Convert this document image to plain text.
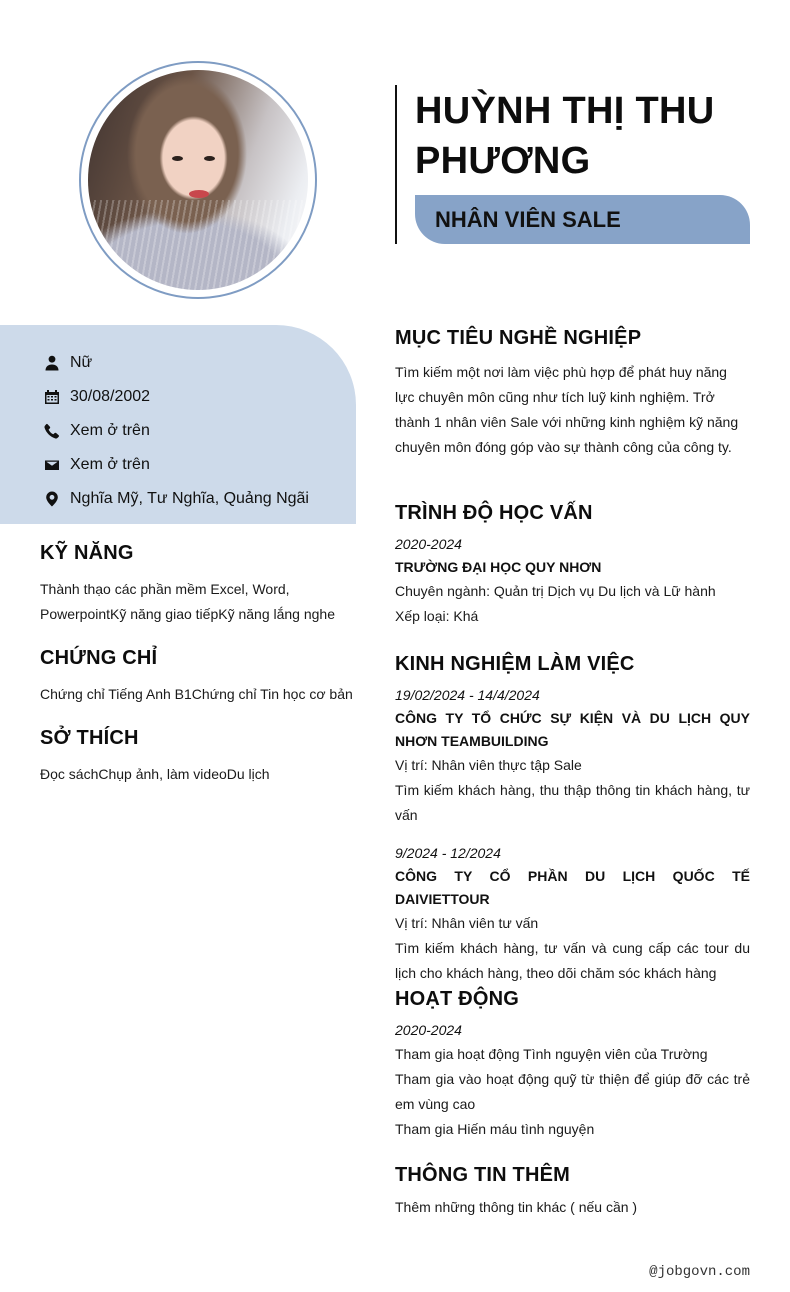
HUỲNH THỊ THU PHƯƠNG
NHÂN VIÊN SALE
Nữ
30/08/2002
Xem ở trên
Xem ở trên
Nghĩa Mỹ, Tư Nghĩa, Quảng Ngãi
KỸ NĂNG

Thành thạo các phần mềm Excel, Word, PowerpointKỹ năng giao tiếpKỹ năng lắng nghe

CHỨNG CHỈ

Chứng chỉ Tiếng Anh B1Chứng chỉ Tin học cơ bản

SỞ THÍCH

Đọc sáchChụp ảnh, làm videoDu lịch

MỤC TIÊU NGHỀ NGHIỆP

Tìm kiếm một nơi làm việc phù hợp để phát huy năng lực chuyên môn cũng như tích luỹ kinh nghiệm. Trở thành 1 nhân viên Sale với những kinh nghiệm kỹ năng chuyên môn đóng góp vào sự thành công của công ty.

TRÌNH ĐỘ HỌC VẤN
2020-2024
TRƯỜNG ĐẠI HỌC QUY NHƠN
Chuyên ngành: Quản trị Dịch vụ Du lịch và Lữ hành
Xếp loại: Khá
KINH NGHIỆM LÀM VIỆC
19/02/2024 - 14/4/2024
CÔNG TY TỔ CHỨC SỰ KIỆN VÀ DU LỊCH QUY NHƠN TEAMBUILDING
Vị trí: Nhân viên thực tập Sale
Tìm kiếm khách hàng, thu thập thông tin khách hàng, tư vấn
9/2024 - 12/2024
CÔNG TY CỔ PHẦN DU LỊCH QUỐC TẾ DAIVIETTOUR
Vị trí: Nhân viên tư vấn
Tìm kiếm khách hàng, tư vấn và cung cấp các tour du lịch cho khách hàng, theo dõi chăm sóc khách hàng
HOẠT ĐỘNG
2020-2024
Tham gia hoạt động Tình nguyện viên của Trường
Tham gia vào hoạt động quỹ từ thiện để giúp đỡ các trẻ em vùng cao
Tham gia Hiến máu tình nguyện
THÔNG TIN THÊM
Thêm những thông tin khác ( nếu cần )
@jobgovn.com
